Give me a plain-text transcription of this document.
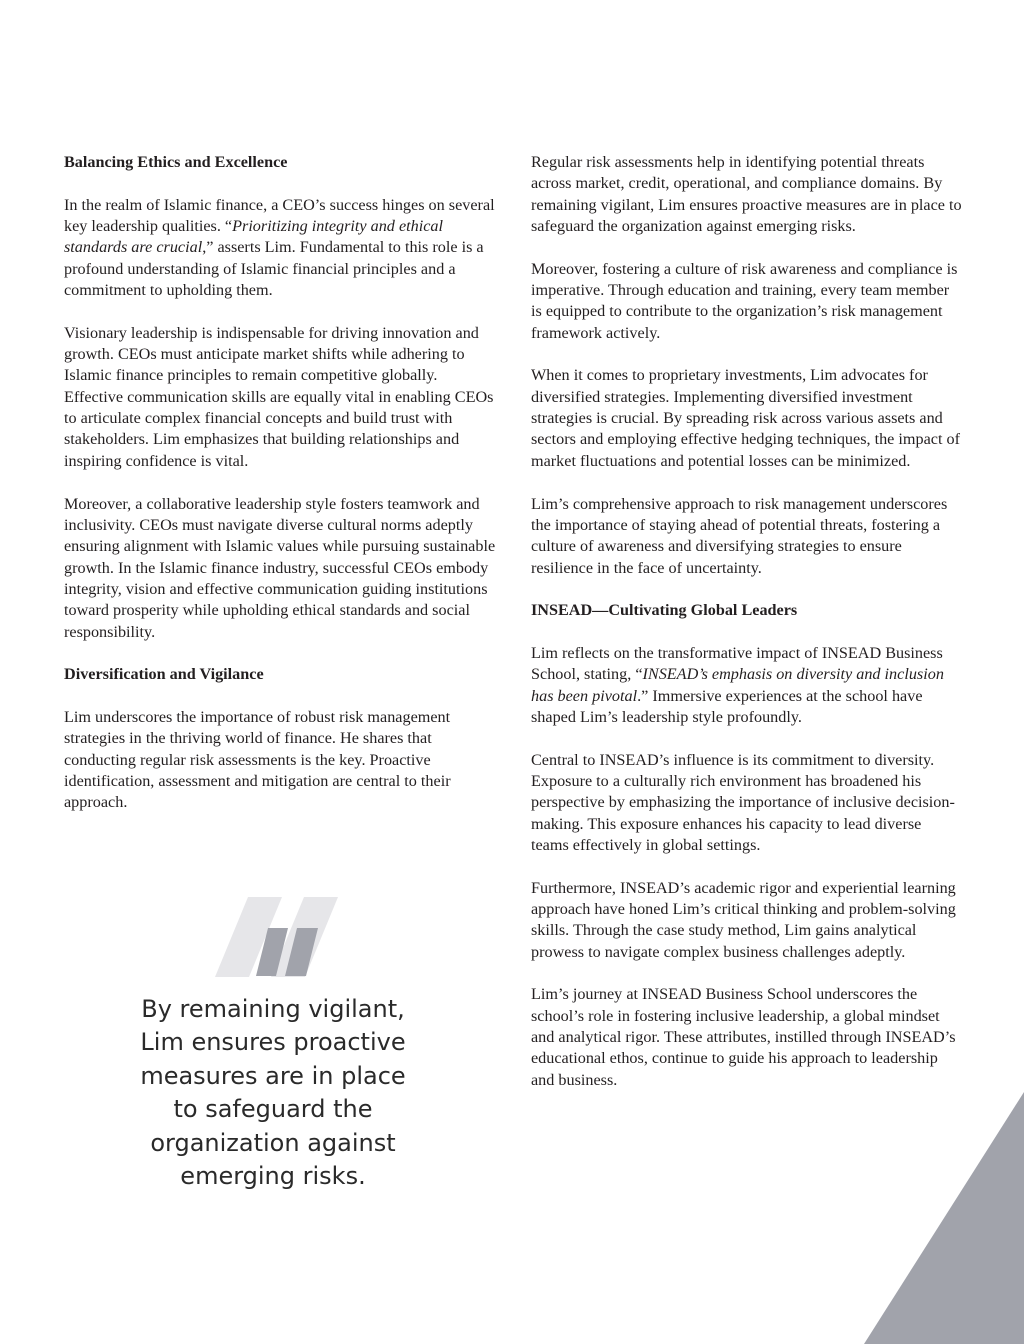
Balancing Ethics and Excellence

In the realm of Islamic finance, a CEO’s success hinges on several key leadership qualities. “Prioritizing integrity and ethical standards are crucial,” asserts Lim. Fundamental to this role is a profound understanding of Islamic financial principles and a commitment to upholding them.

Visionary leadership is indispensable for driving innovation and growth. CEOs must anticipate market shifts while adhering to Islamic finance principles to remain competitive globally. Effective communication skills are equally vital in enabling CEOs to articulate complex financial concepts and build trust with stakeholders. Lim emphasizes that building relationships and inspiring confidence is vital.

Moreover, a collaborative leadership style fosters teamwork and inclusivity. CEOs must navigate diverse cultural norms adeptly ensuring alignment with Islamic values while pursuing sustainable growth. In the Islamic finance industry, successful CEOs embody integrity, vision and effective communication guiding institutions toward prosperity while upholding ethical standards and social responsibility.

Diversification and Vigilance

Lim underscores the importance of robust risk management strategies in the thriving world of finance. He shares that conducting regular risk assessments is the key. Proactive identification, assessment and mitigation are central to their approach.

By remaining vigilant, Lim ensures proactive measures are in place to safeguard the organization against emerging risks.

Regular risk assessments help in identifying potential threats across market, credit, operational, and compliance domains. By remaining vigilant, Lim ensures proactive measures are in place to safeguard the organization against emerging risks.

Moreover, fostering a culture of risk awareness and compliance is imperative. Through education and training, every team member is equipped to contribute to the organization’s risk management framework actively.

When it comes to proprietary investments, Lim advocates for diversified strategies. Implementing diversified investment strategies is crucial. By spreading risk across various assets and sectors and employing effective hedging techniques, the impact of market fluctuations and potential losses can be minimized.

Lim’s comprehensive approach to risk management underscores the importance of staying ahead of potential threats, fostering a culture of awareness and diversifying strategies to ensure resilience in the face of uncertainty.

INSEAD—Cultivating Global Leaders

Lim reflects on the transformative impact of INSEAD Business School, stating, “INSEAD’s emphasis on diversity and inclusion has been pivotal.” Immersive experiences at the school have shaped Lim’s leadership style profoundly.

Central to INSEAD’s influence is its commitment to diversity. Exposure to a culturally rich environment has broadened his perspective by emphasizing the importance of inclusive decision-making. This exposure enhances his capacity to lead diverse teams effectively in global settings.

Furthermore, INSEAD’s academic rigor and experiential learning approach have honed Lim’s critical thinking and problem-solving skills. Through the case study method, Lim gains analytical prowess to navigate complex business challenges adeptly.

Lim’s journey at INSEAD Business School underscores the school’s role in fostering inclusive leadership, a global mindset and analytical rigor. These attributes, instilled through INSEAD’s educational ethos, continue to guide his approach to leadership and business.
